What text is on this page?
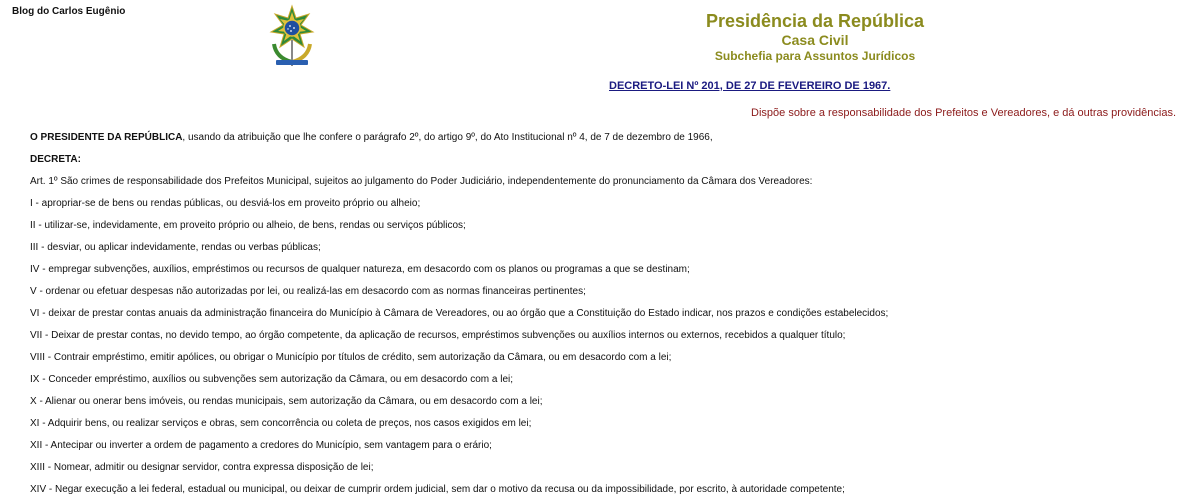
Blog do Carlos Eugênio	Presidência da República
Casa Civil
Subchefia para Assuntos Jurídicos
DECRETO-LEI Nº 201, DE 27 DE FEVEREIRO DE 1967.
Dispõe sobre a responsabilidade dos Prefeitos e Vereadores, e dá outras providências.

O PRESIDENTE DA REPÚBLICA, usando da atribuição que lhe confere o parágrafo 2º, do artigo 9º, do Ato Institucional nº 4, de 7 de dezembro de 1966,

DECRETA:

Art. 1º São crimes de responsabilidade dos Prefeitos Municipal, sujeitos ao julgamento do Poder Judiciário, independentemente do pronunciamento da Câmara dos Vereadores:

I - apropriar-se de bens ou rendas públicas, ou desviá-los em proveito próprio ou alheio;

II - utilizar-se, indevidamente, em proveito próprio ou alheio, de bens, rendas ou serviços públicos;

III - desviar, ou aplicar indevidamente, rendas ou verbas públicas;

IV - empregar subvenções, auxílios, empréstimos ou recursos de qualquer natureza, em desacordo com os planos ou programas a que se destinam;

V - ordenar ou efetuar despesas não autorizadas por lei, ou realizá-las em desacordo com as normas financeiras pertinentes;

VI - deixar de prestar contas anuais da administração financeira do Município à Câmara de Vereadores, ou ao órgão que a Constituição do Estado indicar, nos prazos e condições estabelecidos;

VII - Deixar de prestar contas, no devido tempo, ao órgão competente, da aplicação de recursos, empréstimos subvenções ou auxílios internos ou externos, recebidos a qualquer título;

VIII - Contrair empréstimo, emitir apólices, ou obrigar o Município por títulos de crédito, sem autorização da Câmara, ou em desacordo com a lei;

IX - Conceder empréstimo, auxílios ou subvenções sem autorização da Câmara, ou em desacordo com a lei;

X - Alienar ou onerar bens imóveis, ou rendas municipais, sem autorização da Câmara, ou em desacordo com a lei;

XI - Adquirir bens, ou realizar serviços e obras, sem concorrência ou coleta de preços, nos casos exigidos em lei;

XII - Antecipar ou inverter a ordem de pagamento a credores do Município, sem vantagem para o erário;

XIII - Nomear, admitir ou designar servidor, contra expressa disposição de lei;

XIV - Negar execução a lei federal, estadual ou municipal, ou deixar de cumprir ordem judicial, sem dar o motivo da recusa ou da impossibilidade, por escrito, à autoridade competente;
